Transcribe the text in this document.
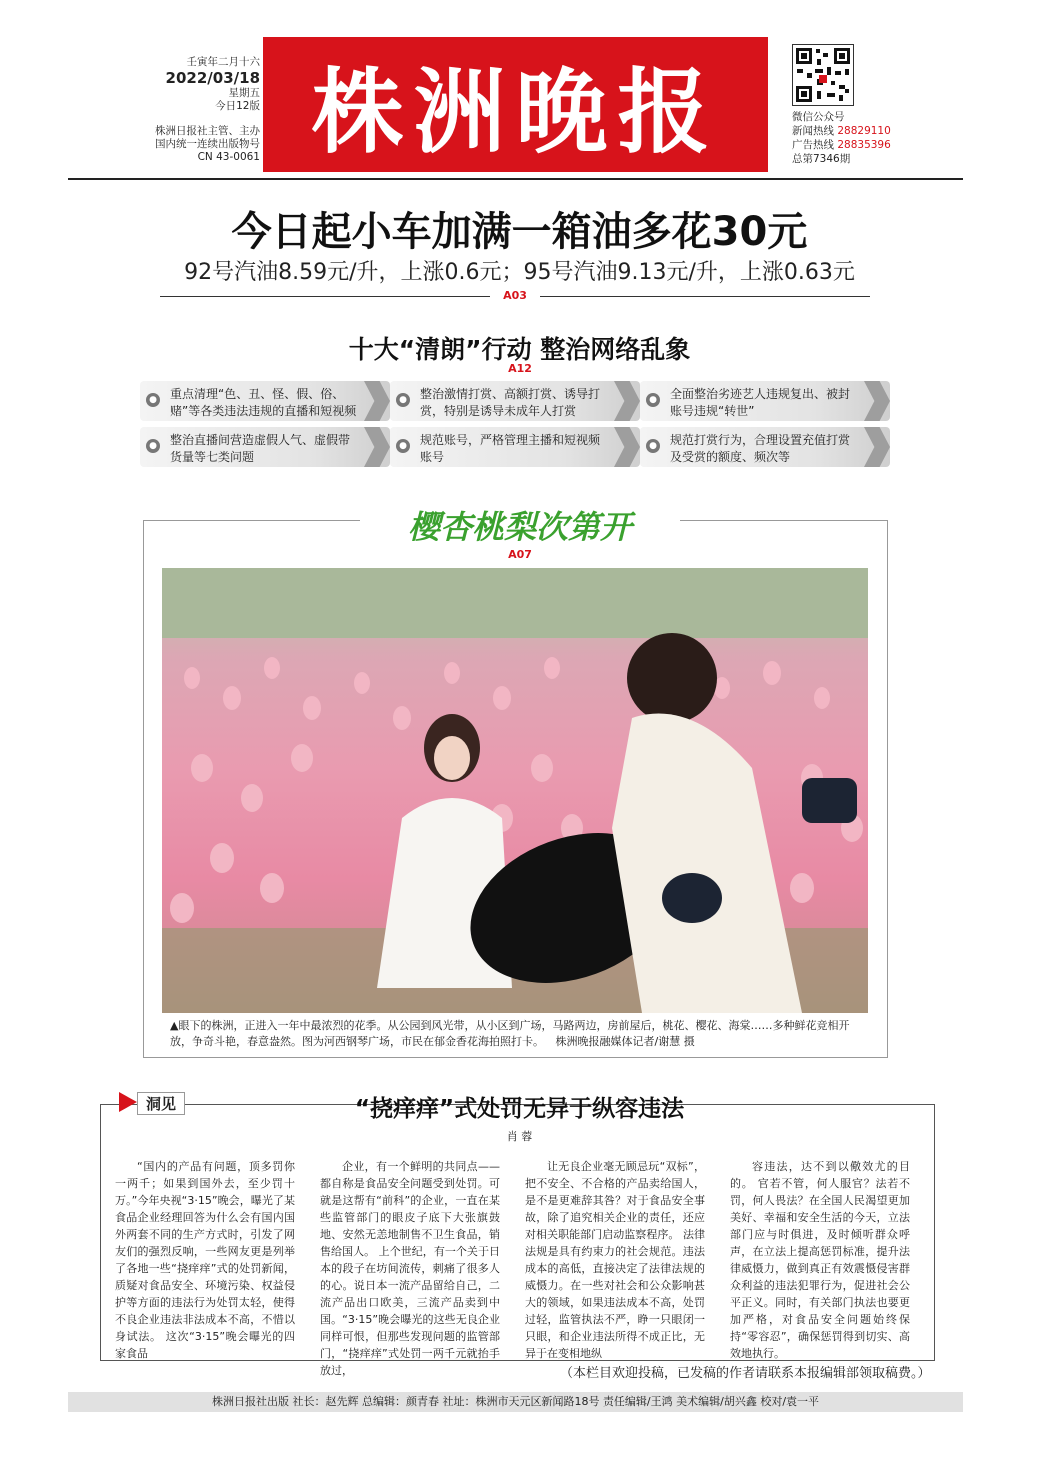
壬寅年二月十六
2022/03/18
星期五
今日12版
株洲日报社主管、主办
国内统一连续出版物号
CN 43-0061 株洲晚报	微信公众号
新闻热线 28829110
广告热线 28835396
总第7346期
今日起小车加满一箱油多花30元
92号汽油8.59元/升，上涨0.6元；95号汽油9.13元/升，上涨0.63元
A03
十大“清朗”行动 整治网络乱象
A12
● 重点清理“色、丑、怪、假、俗、赌”等各类违法违规的直播和短视频
● 整治激情打赏、高额打赏、诱导打赏，特别是诱导未成年人打赏
● 全面整治劣迹艺人违规复出、被封账号违规“转世”
● 整治直播间营造虚假人气、虚假带货量等七类问题
● 规范账号，严格管理主播和短视频账号
● 规范打赏行为，合理设置充值打赏及受赏的额度、频次等
樱杏桃梨次第开
A07
▲眼下的株洲，正进入一年中最浓烈的花季。从公园到风光带，从小区到广场，马路两边，房前屋后，桃花、樱花、海棠……多种鲜花竞相开放，争奇斗艳，春意盎然。图为河西钢琴广场，市民在郁金香花海拍照打卡。 株洲晚报融媒体记者/谢慧 摄
洞见	“挠痒痒”式处罚无异于纵容违法
肖 蓉

“国内的产品有问题，顶多罚你一两千；如果到国外去，至少罚十万。”今年央视“3·15”晚会，曝光了某食品企业经理回答为什么会有国内国外两套不同的生产方式时，引发了网友们的强烈反响，一些网友更是列举了各地一些“挠痒痒”式的处罚新闻，质疑对食品安全、环境污染、权益侵护等方面的违法行为处罚太轻，使得不良企业违法非法成本不高，不惜以身试法。 这次“3·15”晚会曝光的四家食品

企业，有一个鲜明的共同点——都自称是食品安全问题受到处罚。可就是这帮有“前科”的企业，一直在某些监管部门的眼皮子底下大张旗鼓地、安然无恙地制售不卫生食品，销售给国人。 上个世纪，有一个关于日本的段子在坊间流传，刺痛了很多人的心。说日本一流产品留给自己，二流产品出口欧美，三流产品卖到中国。“3·15”晚会曝光的这些无良企业同样可恨，但那些发现问题的监管部门，“挠痒痒”式处罚一两千元就抬手放过，

让无良企业毫无顾忌玩“双标”，把不安全、不合格的产品卖给国人，是不是更难辞其咎？对于食品安全事故，除了追究相关企业的责任，还应对相关职能部门启动监察程序。 法律法规是具有约束力的社会规范。违法成本的高低，直接决定了法律法规的威慑力。在一些对社会和公众影响甚大的领域，如果违法成本不高，处罚过轻，监管执法不严，睁一只眼闭一只眼，和企业违法所得不成正比，无异于在变相地纵

容违法，达不到以儆效尤的目的。 官若不管，何人服官？法若不罚，何人畏法？在全国人民渴望更加美好、幸福和安全生活的今天，立法部门应与时俱进，及时倾听群众呼声，在立法上提高惩罚标准，提升法律威慑力，做到真正有效震慑侵害群众利益的违法犯罪行为，促进社会公平正义。同时，有关部门执法也要更加严格，对食品安全问题始终保持“零容忍”，确保惩罚得到切实、高效地执行。

（本栏目欢迎投稿，已发稿的作者请联系本报编辑部领取稿费。）
株洲日报社出版 社长：赵先辉 总编辑：颜青春 社址：株洲市天元区新闻路18号 责任编辑/王鸿 美术编辑/胡兴鑫 校对/袁一平
